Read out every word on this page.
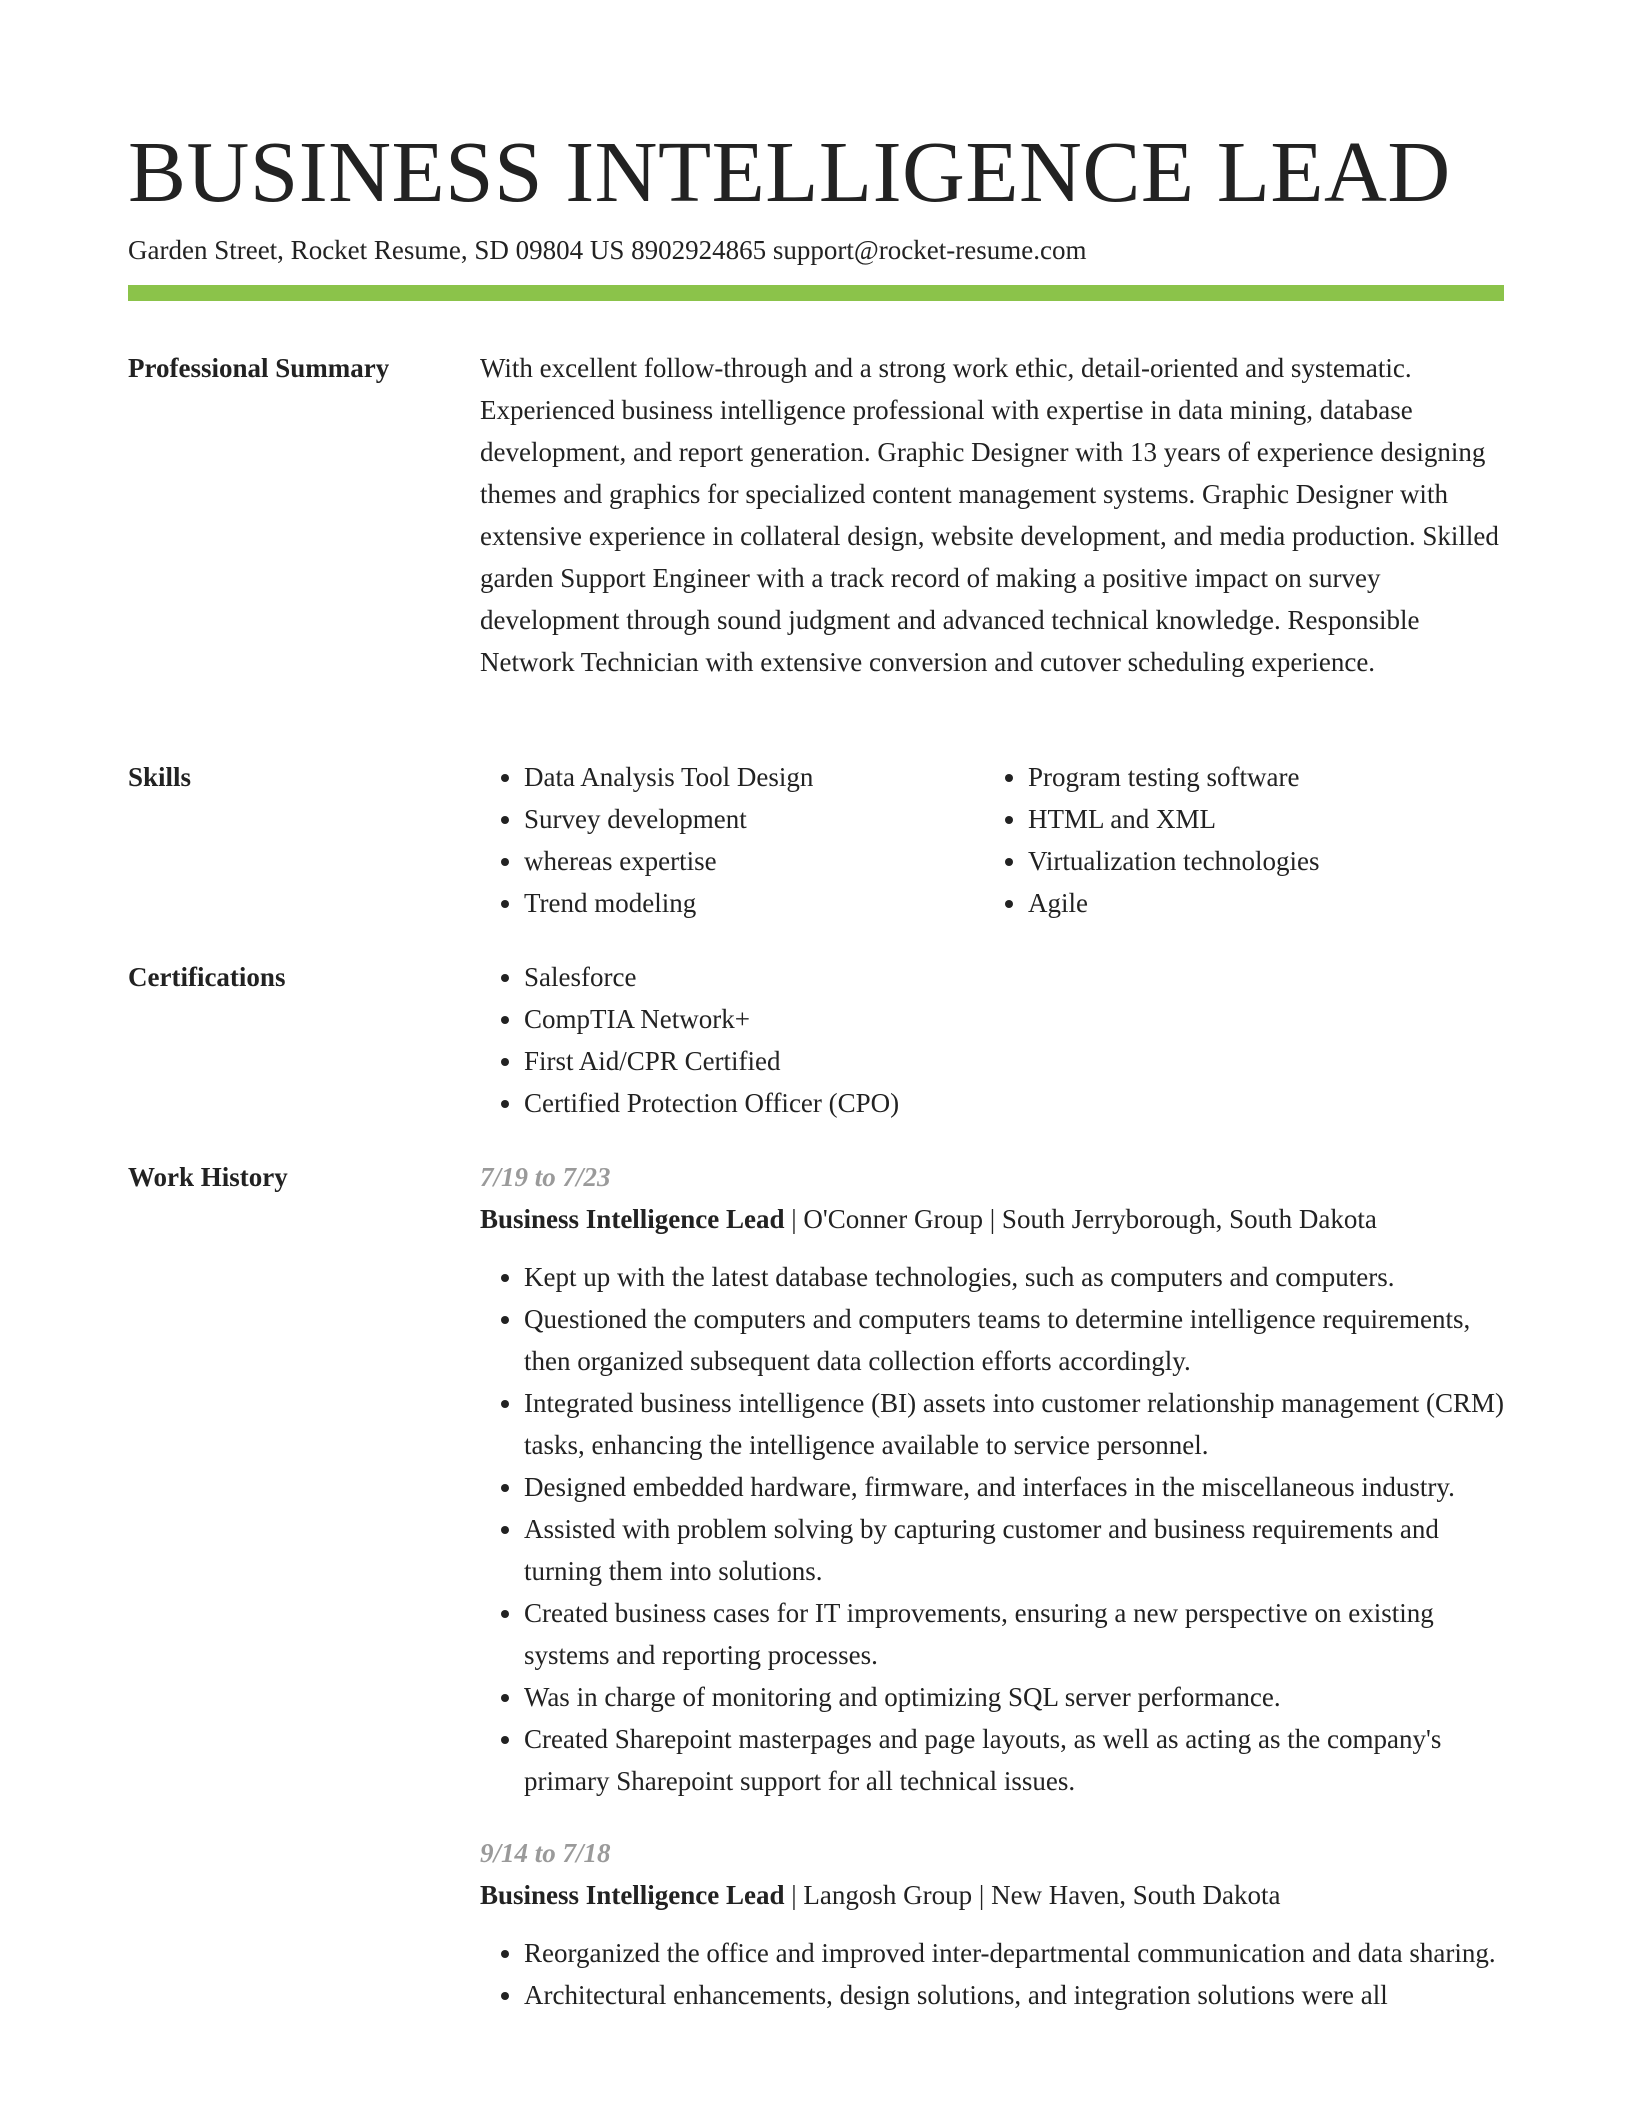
BUSINESS INTELLIGENCE LEAD
Garden Street, Rocket Resume, SD 09804 US 8902924865 support@rocket-resume.com
Professional Summary	With excellent follow-through and a strong work ethic, detail-oriented and systematic. Experienced business intelligence professional with expertise in data mining, database development, and report generation. Graphic Designer with 13 years of experience designing themes and graphics for specialized content management systems. Graphic Designer with extensive experience in collateral design, website development, and media production. Skilled garden Support Engineer with a track record of making a positive impact on survey development through sound judgment and advanced technical knowledge. Responsible Network Technician with extensive conversion and cutover scheduling experience.

Skills	• Data Analysis Tool Design
• Survey development
• whereas expertise
• Trend modeling
• Program testing software
• HTML and XML
• Virtualization technologies
• Agile
Certifications	• Salesforce
• CompTIA Network+
• First Aid/CPR Certified
• Certified Protection Officer (CPO)
Work History	7/19 to 7/23
Business Intelligence Lead | O'Conner Group | South Jerryborough, South Dakota
• Kept up with the latest database technologies, such as computers and computers.
• Questioned the computers and computers teams to determine intelligence requirements, then organized subsequent data collection efforts accordingly.
• Integrated business intelligence (BI) assets into customer relationship management (CRM) tasks, enhancing the intelligence available to service personnel.
• Designed embedded hardware, firmware, and interfaces in the miscellaneous industry.
• Assisted with problem solving by capturing customer and business requirements and turning them into solutions.
• Created business cases for IT improvements, ensuring a new perspective on existing systems and reporting processes.
• Was in charge of monitoring and optimizing SQL server performance.
• Created Sharepoint masterpages and page layouts, as well as acting as the company's primary Sharepoint support for all technical issues.
9/14 to 7/18
Business Intelligence Lead | Langosh Group | New Haven, South Dakota
• Reorganized the office and improved inter-departmental communication and data sharing.
• Architectural enhancements, design solutions, and integration solutions were all
